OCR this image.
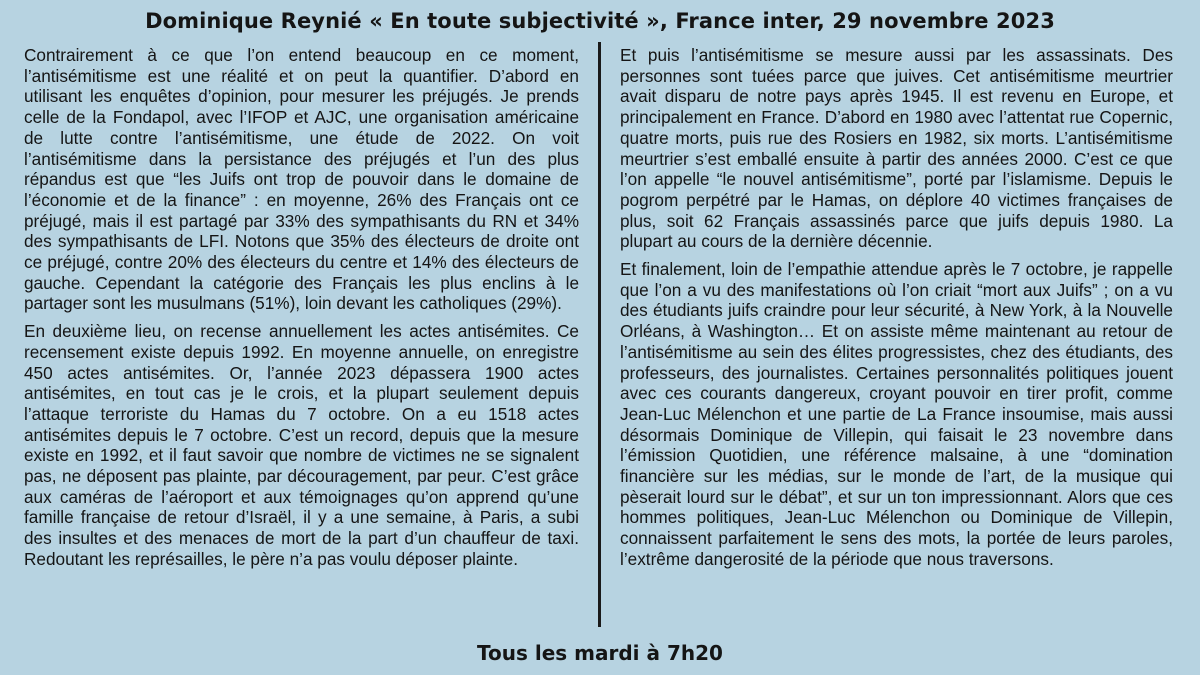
Dominique Reynié « En toute subjectivité », France inter, 29 novembre 2023

Contrairement à ce que l’on entend beaucoup en ce moment, l’antisémitisme est une réalité et on peut la quantifier. D’abord en utilisant les enquêtes d’opinion, pour mesurer les préjugés. Je prends celle de la Fondapol, avec l’IFOP et AJC, une organisation américaine de lutte contre l’antisémitisme, une étude de 2022. On voit l’antisémitisme dans la persistance des préjugés et l’un des plus répandus est que “les Juifs ont trop de pouvoir dans le domaine de l’économie et de la finance” : en moyenne, 26% des Français ont ce préjugé, mais il est partagé par 33% des sympathisants du RN et 34% des sympathisants de LFI. Notons que 35% des électeurs de droite ont ce préjugé, contre 20% des électeurs du centre et 14% des électeurs de gauche. Cependant la catégorie des Français les plus enclins à le partager sont les musulmans (51%), loin devant les catholiques (29%).

En deuxième lieu, on recense annuellement les actes antisémites. Ce recensement existe depuis 1992. En moyenne annuelle, on enregistre 450 actes antisémites. Or, l’année 2023 dépassera 1900 actes antisémites, en tout cas je le crois, et la plupart seulement depuis l’attaque terroriste du Hamas du 7 octobre. On a eu 1518 actes antisémites depuis le 7 octobre. C’est un record, depuis que la mesure existe en 1992, et il faut savoir que nombre de victimes ne se signalent pas, ne déposent pas plainte, par découragement, par peur. C’est grâce aux caméras de l’aéroport et aux témoignages qu’on apprend qu’une famille française de retour d’Israël, il y a une semaine, à Paris, a subi des insultes et des menaces de mort de la part d’un chauffeur de taxi. Redoutant les représailles, le père n’a pas voulu déposer plainte.

Et puis l’antisémitisme se mesure aussi par les assassinats. Des personnes sont tuées parce que juives. Cet antisémitisme meurtrier avait disparu de notre pays après 1945. Il est revenu en Europe, et principalement en France. D’abord en 1980 avec l’attentat rue Copernic, quatre morts, puis rue des Rosiers en 1982, six morts. L’antisémitisme meurtrier s’est emballé ensuite à partir des années 2000. C’est ce que l’on appelle “le nouvel antisémitisme”, porté par l’islamisme. Depuis le pogrom perpétré par le Hamas, on déplore 40 victimes françaises de plus, soit 62 Français assassinés parce que juifs depuis 1980. La plupart au cours de la dernière décennie.

Et finalement, loin de l’empathie attendue après le 7 octobre, je rappelle que l’on a vu des manifestations où l’on criait “mort aux Juifs” ; on a vu des étudiants juifs craindre pour leur sécurité, à New York, à la Nouvelle Orléans, à Washington… Et on assiste même maintenant au retour de l’antisémitisme au sein des élites progressistes, chez des étudiants, des professeurs, des journalistes. Certaines personnalités politiques jouent avec ces courants dangereux, croyant pouvoir en tirer profit, comme Jean-Luc Mélenchon et une partie de La France insoumise, mais aussi désormais Dominique de Villepin, qui faisait le 23 novembre dans l’émission Quotidien, une référence malsaine, à une “domination financière sur les médias, sur le monde de l’art, de la musique qui pèserait lourd sur le débat”, et sur un ton impressionnant. Alors que ces hommes politiques, Jean-Luc Mélenchon ou Dominique de Villepin, connaissent parfaitement le sens des mots, la portée de leurs paroles, l’extrême dangerosité de la période que nous traversons.

Tous les mardi à 7h20
